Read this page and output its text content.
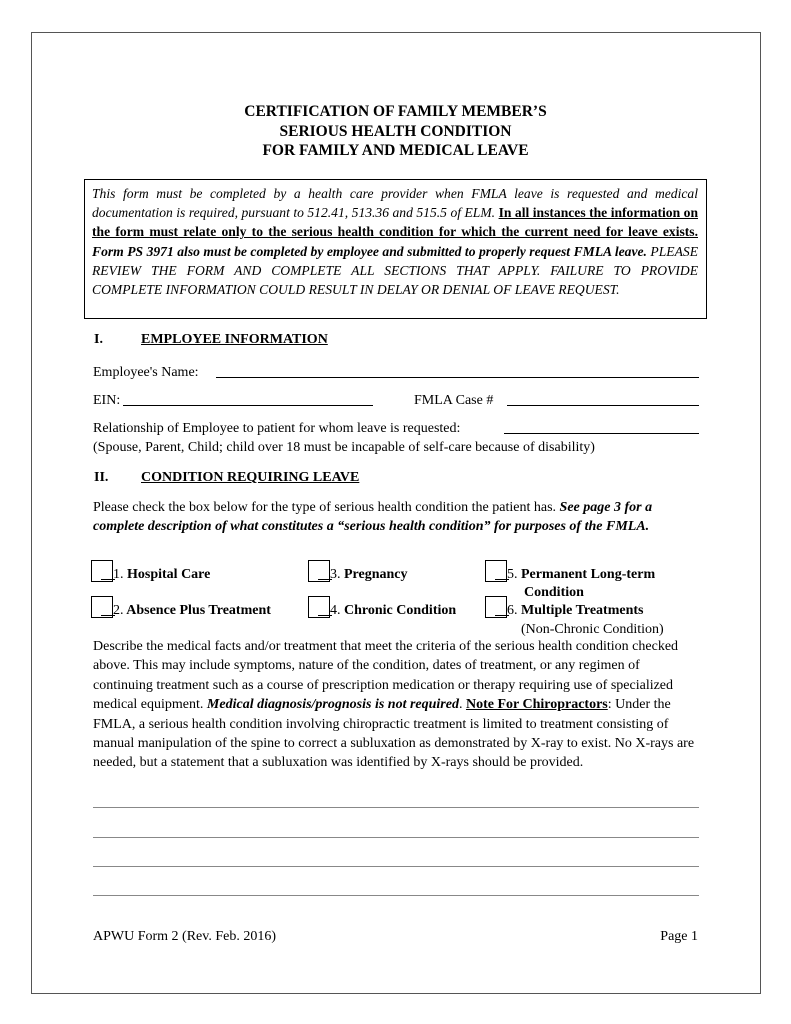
CERTIFICATION OF FAMILY MEMBER’S
SERIOUS HEALTH CONDITION
FOR FAMILY AND MEDICAL LEAVE
This form must be completed by a health care provider when FMLA leave is requested and medical documentation is required, pursuant to 512.41, 513.36 and 515.5 of ELM. In all instances the information on the form must relate only to the serious health condition for which the current need for leave exists. Form PS 3971 also must be completed by employee and submitted to properly request FMLA leave. PLEASE REVIEW THE FORM AND COMPLETE ALL SECTIONS THAT APPLY. FAILURE TO PROVIDE COMPLETE INFORMATION COULD RESULT IN DELAY OR DENIAL OF LEAVE REQUEST.
I.	EMPLOYEE INFORMATION
Employee's Name:
EIN:	FMLA Case #
Relationship of Employee to patient for whom leave is requested:
(Spouse, Parent, Child; child over 18 must be incapable of self-care because of disability)
II. CONDITION REQUIRING LEAVE
Please check the box below for the type of serious health condition the patient has. See page 3 for a complete description of what constitutes a “serious health condition” for purposes of the FMLA.
1. Hospital Care	3. Pregnancy	5. Permanent Long-term
Condition
2. Absence Plus Treatment	4. Chronic Condition	6. Multiple Treatments
(Non-Chronic Condition)
Describe the medical facts and/or treatment that meet the criteria of the serious health condition checked above. This may include symptoms, nature of the condition, dates of treatment, or any regimen of continuing treatment such as a course of prescription medication or therapy requiring use of specialized medical equipment. Medical diagnosis/prognosis is not required. Note For Chiropractors: Under the FMLA, a serious health condition involving chiropractic treatment is limited to treatment consisting of manual manipulation of the spine to correct a subluxation as demonstrated by X-ray to exist. No X-rays are needed, but a statement that a subluxation was identified by X-rays should be provided.
APWU Form 2 (Rev. Feb. 2016)	Page 1
